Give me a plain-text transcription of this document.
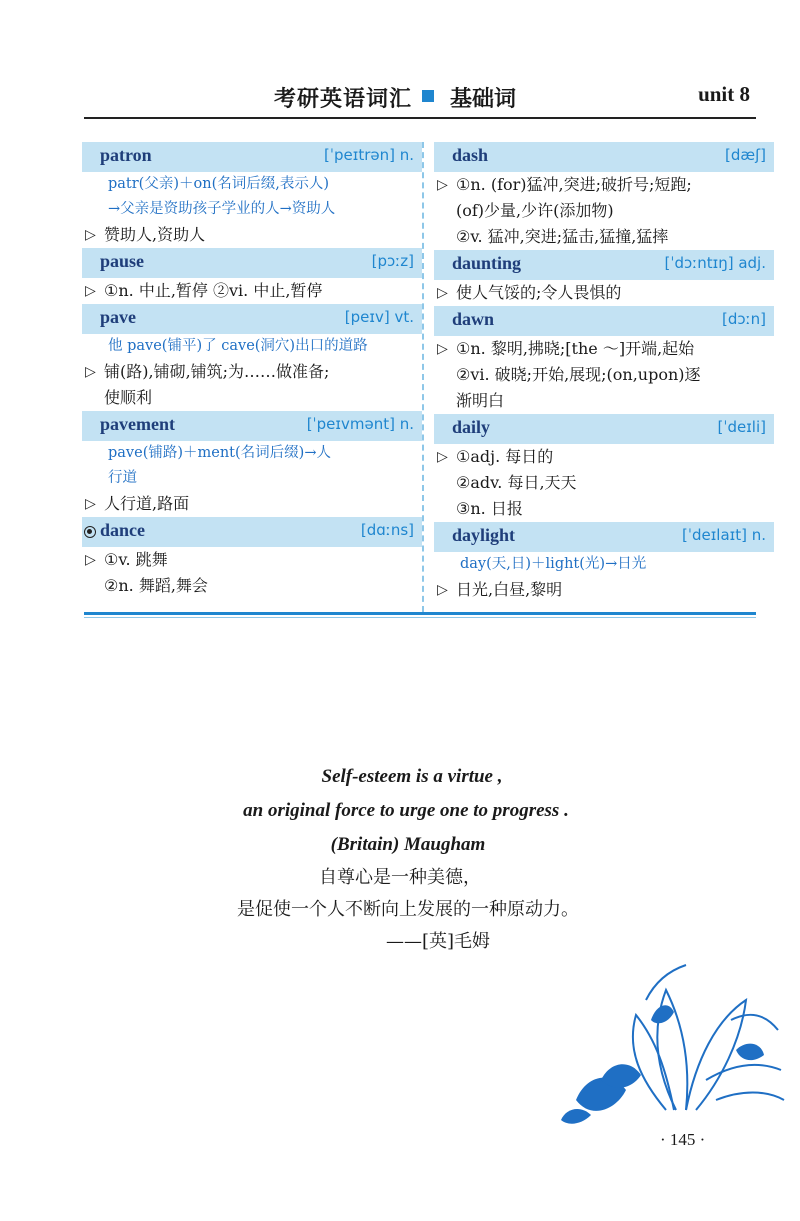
考研英语词汇 基础词	unit 8
patron	[ˈpeɪtrən] n.
patr(父亲)＋on(名词后缀,表示人)
→父亲是资助孩子学业的人→资助人
▷ 赞助人,资助人
pause	[pɔːz]
▷ ①n. 中止,暂停 ②vi. 中止,暂停
pave	[peɪv] vt.
他 pave(铺平)了 cave(洞穴)出口的道路
▷ 铺(路),铺砌,铺筑;为……做准备;
使顺利
pavement	[ˈpeɪvmənt] n.
pave(铺路)＋ment(名词后缀)→人
行道
▷ 人行道,路面
dance	[dɑːns]
▷ ①v. 跳舞
②n. 舞蹈,舞会
dash	[dæʃ]
▷ ①n. (for)猛冲,突进;破折号;短跑;
(of)少量,少许(添加物)
②v. 猛冲,突进;猛击,猛撞,猛摔
daunting	[ˈdɔːntɪŋ] adj.
▷ 使人气馁的;令人畏惧的
dawn	[dɔːn]
▷ ①n. 黎明,拂晓;[the ～]开端,起始
②vi. 破晓;开始,展现;(on,upon)逐
渐明白
daily	[ˈdeɪli]
▷ ①adj. 每日的
②adv. 每日,天天
③n. 日报
daylight	[ˈdeɪlaɪt] n.
day(天,日)＋light(光)→日光
▷ 日光,白昼,黎明
Self-esteem is a virtue ,
an original force to urge one to progress .
(Britain) Maugham
自尊心是一种美德，
是促使一个人不断向上发展的一种原动力。
——[英]毛姆
· 145 ·
